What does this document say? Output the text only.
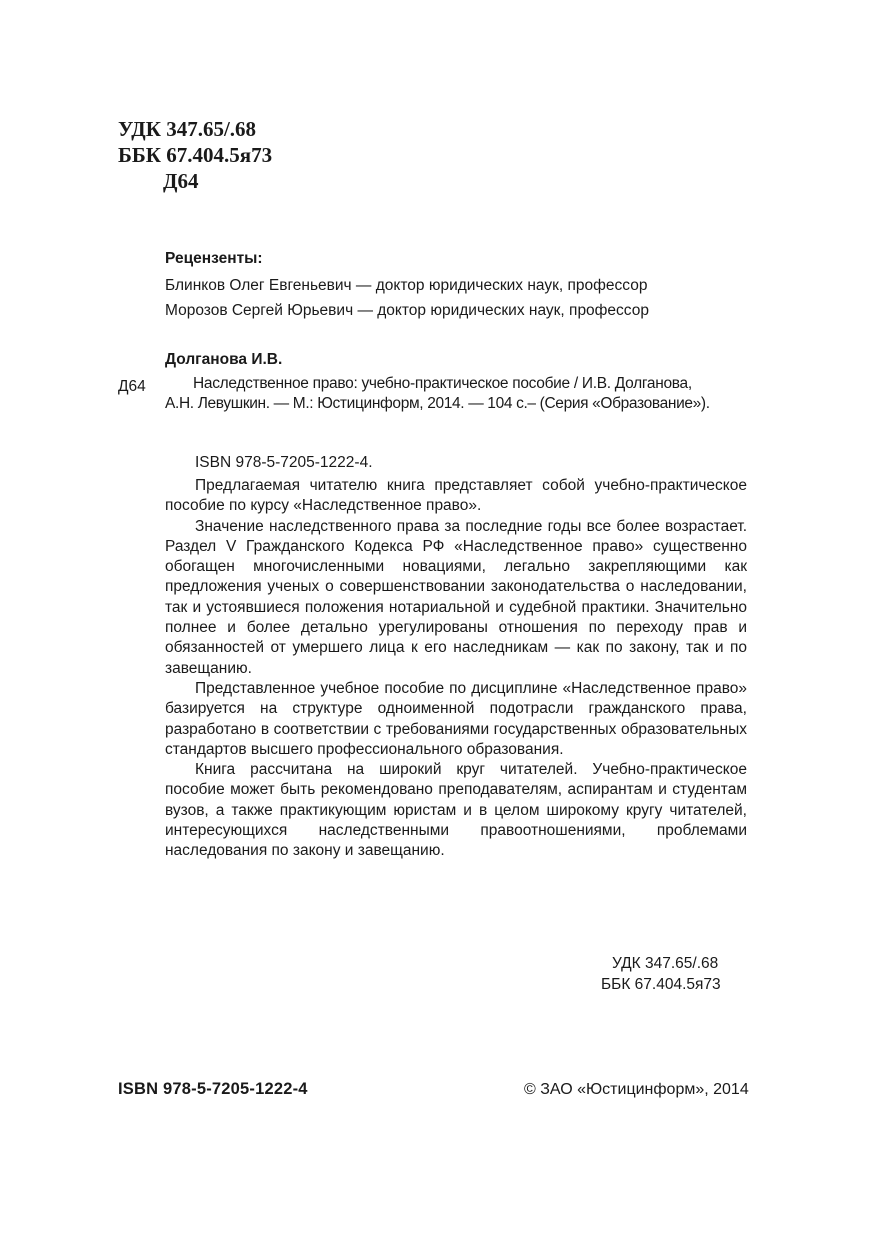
УДК 347.65/.68
ББК 67.404.5я73
Д64
Рецензенты:
Блинков Олег Евгеньевич — доктор юридических наук, профессор
Морозов Сергей Юрьевич — доктор юридических наук, профессор
Долганова И.В.
Д64	Наследственное право: учебно-практическое пособие / И.В. Долганова,
А.Н. Левушкин. — М.: Юстицинформ, 2014. — 104 с.– (Серия «Образование»).
ISBN 978-5-7205-1222-4.

Предлагаемая читателю книга представляет собой учебно-практическое пособие по курсу «Наследственное право».

Значение наследственного права за последние годы все более возрастает. Раздел V Гражданского Кодекса РФ «Наследственное право» существенно обогащен многочисленными новациями, легально закрепляющими как предложения ученых о совершенствовании законодательства о наследовании, так и устоявшиеся положения нотариальной и судебной практики. Значительно полнее и более детально урегулированы отношения по переходу прав и обязанностей от умершего лица к его наследникам — как по закону, так и по завещанию.

Представленное учебное пособие по дисциплине «Наследственное право» базируется на структуре одноименной подотрасли гражданского права, разработано в соответствии с требованиями государственных образовательных стандартов высшего профессионального образования.

Книга рассчитана на широкий круг читателей. Учебно-практическое пособие может быть рекомендовано преподавателям, аспирантам и студентам вузов, а также практикующим юристам и в целом широкому кругу читателей, интересующихся наследственными правоотношениями, проблемами наследования по закону и завещанию.

УДК 347.65/.68
ББК 67.404.5я73
ISBN 978-5-7205-1222-4	© ЗАО «Юстицинформ», 2014
